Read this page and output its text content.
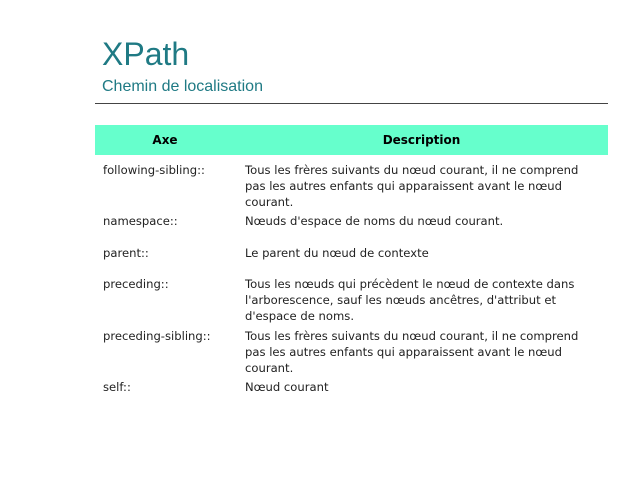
XPath
Chemin de localisation
Axe	Description
following-sibling::	Tous les frères suivants du nœud courant, il ne comprend pas les autres enfants qui apparaissent avant le nœud courant.
namespace::	Nœuds d'espace de noms du nœud courant.
parent::	Le parent du nœud de contexte
preceding::	Tous les nœuds qui précèdent le nœud de contexte dans l'arborescence, sauf les nœuds ancêtres, d'attribut et d'espace de noms.
preceding-sibling::	Tous les frères suivants du nœud courant, il ne comprend pas les autres enfants qui apparaissent avant le nœud courant.
self::	Nœud courant
